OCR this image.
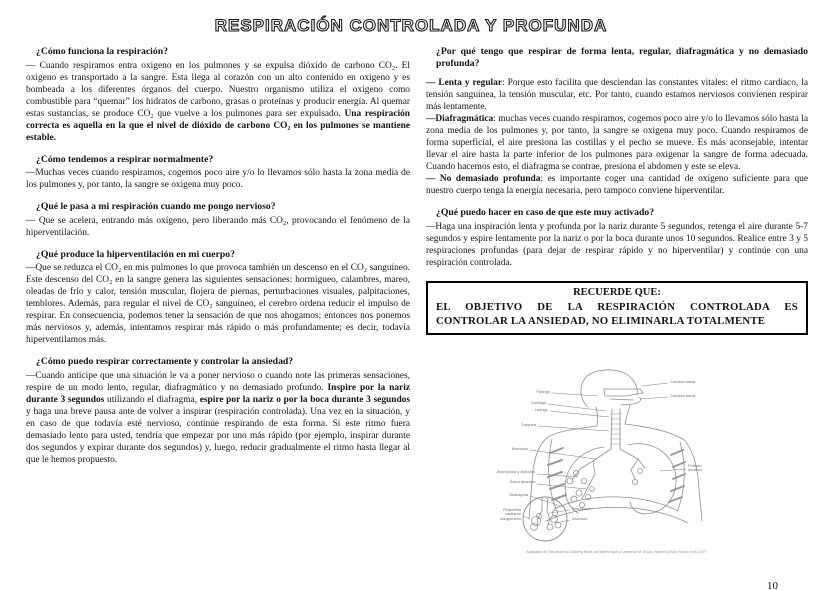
RESPIRACIÓN CONTROLADA Y PROFUNDA
¿Cómo funciona la respiración?
— Cuando respiramos entra oxigeno en los pulmones y se expulsa dióxido de carbono CO₂. El oxigeno es transportado a la sangre. Esta llega al corazón con un alto contenido en oxigeno y es bombeada a los diferentes órganos del cuerpo. Nuestro organismo utiliza el oxigeno como combustible para “quemar” los hidratos de carbono, grasas o proteínas y producir energía. Al quemar estas sustancias, se produce CO₂ que vuelve a los pulmones para ser expulsado. Una respiración correcta es aquella en la que el nivel de dióxido de carbono CO₂ en los pulmones se mantiene estable.
¿Cómo tendemos a respirar normalmente?
—Muchas veces cuando respiramos, cogemos poco aire y/o lo llevamos sólo hasta la zona media de los pulmones y, por tanto, la sangre se oxigena muy poco.
¿Qué le pasa a mi respiración cuando me pongo nervioso?
— Que se acelera, entrando más oxígeno, pero liberando más CO₂, provocando el fenómeno de la hiperventilación.
¿Qué produce la hiperventilación en mi cuerpo?
—Que se reduzca el CO₂ en mis pulmones lo que provoca también un descenso en el CO₂ sanguíneo. Este descenso del CO₂ en la sangre genera las siguientes sensaciones: hormigueo, calambres, mareo, oleadas de frío y calor, tensión muscular, flojera de piernas, perturbaciones visuales, palpitaciones, temblores. Además, para regular el nivel de CO₂ sanguíneo, el cerebro ordena reducir el impulso de respirar. En consecuencia, podemos tener la sensación de que nos ahogamos; entonces nos ponemos más nerviosos y, además, intentamos respirar más rápido o más profundamente; es decir, todavía hiperventilamos más.
¿Cómo puedo respirar correctamente y controlar la ansiedad?
—Cuando anticipe que una situación le va a poner nervioso o cuando note las primeras sensaciones, respire de un modo lento, regular, diafragmático y no demasiado profundo. Inspire por la nariz durante 3 segundos utilizando el diafragma, espire por la nariz o por la boca durante 3 segundos y haga una breve pausa ante de volver a inspirar (respiración controlada). Una vez en la situación, y en caso de que todavía esté nervioso, continúe respirando de esta forma. Si este ritmo fuera demasiado lento para usted, tendría que empezar por uno más rápido (por ejemplo, inspirar durante dos segundos y expirar durante dos segundos) y, luego, reducir gradualmente el ritmo hasta llegar al que le hemos propuesto.
¿Por qué tengo que respirar de forma lenta, regular, diafragmática y no demasiado profunda?
— Lenta y regular: Porque esto facilita que desciendan las constantes vitales: el ritmo cardíaco, la tensión sanguínea, la tensión muscular, etc. Por tanto, cuando estamos nerviosos convienen respirar más lentamente.
—Diafragmática: muchas veces cuando respiramos, cogemos poco aire y/o lo llevamos sólo hasta la zona media de los pulmones y, por tanto, la sangre se oxigena muy poco. Cuando respiramos de forma superficial, el aire presiona las costillas y el pecho se mueve. Es más aconsejable, intentar llevar el aire hasta la parte inferior de los pulmones para oxigenar la sangre de forma adecuada. Cuando hacemos esto, el diafragma se contrae, presiona el abdomen y este se eleva.
— No demasiado profunda: es importante coger una cantidad de oxígeno suficiente para que nuestro cuerpo tenga la energía necesaria, pero tampoco conviene hiperventilar.
¿Qué puedo hacer en caso de que este muy activado?
—Haga una inspiración lenta y profunda por la nariz durante 5 segundos, retenga el aire durante 5-7 segundos y espire lentamente por la nariz o por la boca durante unos 10 segundos. Realice entre 3 y 5 respiraciones profundas (para dejar de respirar rápido y no hiperventilar) y continúe con una respiración controlada.
RECUERDE QUE:
EL OBJETIVO DE LA RESPIRACIÓN CONTROLADA ES CONTROLAR LA ANSIEDAD, NO ELIMINARLA TOTALMENTE
Cavidad nasal
Cavidad bucal
Faringe
Esófago
Laringe
Tráquea
Bronquio
Bronquiolo y alveolos
Ácino alveolar
Diafragma
Pulmón derecho
Pequeños capilares sanguíneos
Bronquiolo
Alveolos
Adaptado de The Anatomy Coloring Book, de Wynn Kapit y Lawrence M. Elson, Harper & Row, Nueva York, 1977.
10
